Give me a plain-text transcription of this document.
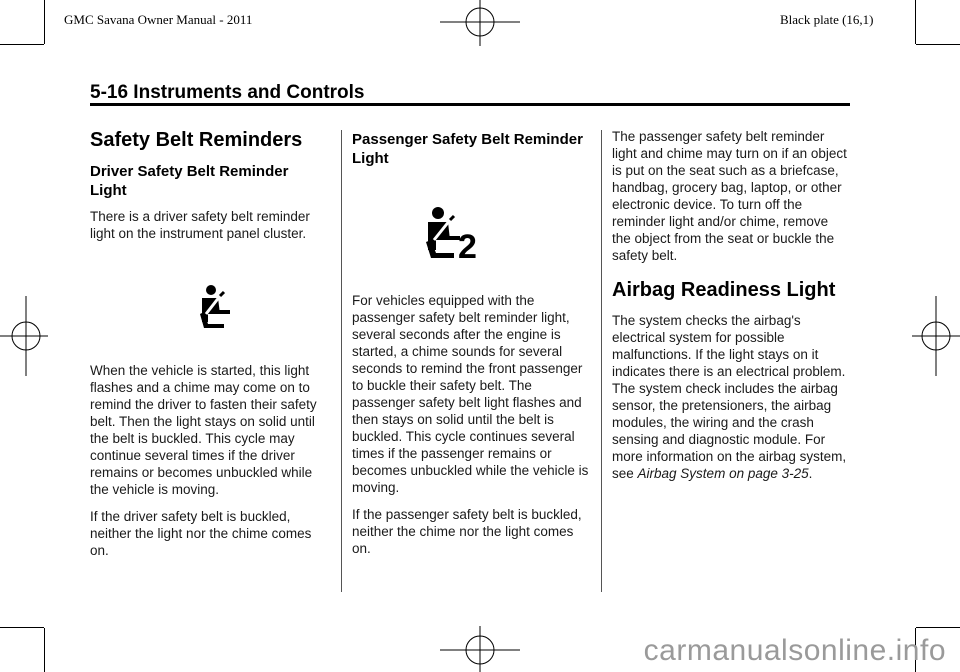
GMC Savana Owner Manual - 2011	Black plate (16,1)
5-16 Instruments and Controls
Safety Belt Reminders
Driver Safety Belt Reminder Light

There is a driver safety belt reminder light on the instrument panel cluster.

When the vehicle is started, this light flashes and a chime may come on to remind the driver to fasten their safety belt. Then the light stays on solid until the belt is buckled. This cycle may continue several times if the driver remains or becomes unbuckled while the vehicle is moving.

If the driver safety belt is buckled, neither the light nor the chime comes on.

Passenger Safety Belt Reminder Light
2

For vehicles equipped with the passenger safety belt reminder light, several seconds after the engine is started, a chime sounds for several seconds to remind the front passenger to buckle their safety belt. The passenger safety belt light flashes and then stays on solid until the belt is buckled. This cycle continues several times if the passenger remains or becomes unbuckled while the vehicle is moving.

If the passenger safety belt is buckled, neither the chime nor the light comes on.

The passenger safety belt reminder light and chime may turn on if an object is put on the seat such as a briefcase, handbag, grocery bag, laptop, or other electronic device. To turn off the reminder light and/or chime, remove the object from the seat or buckle the safety belt.

Airbag Readiness Light

The system checks the airbag's electrical system for possible malfunctions. If the light stays on it indicates there is an electrical problem. The system check includes the airbag sensor, the pretensioners, the airbag modules, the wiring and the crash sensing and diagnostic module. For more information on the airbag system, see Airbag System on page 3-25.

carmanualsonline.info
